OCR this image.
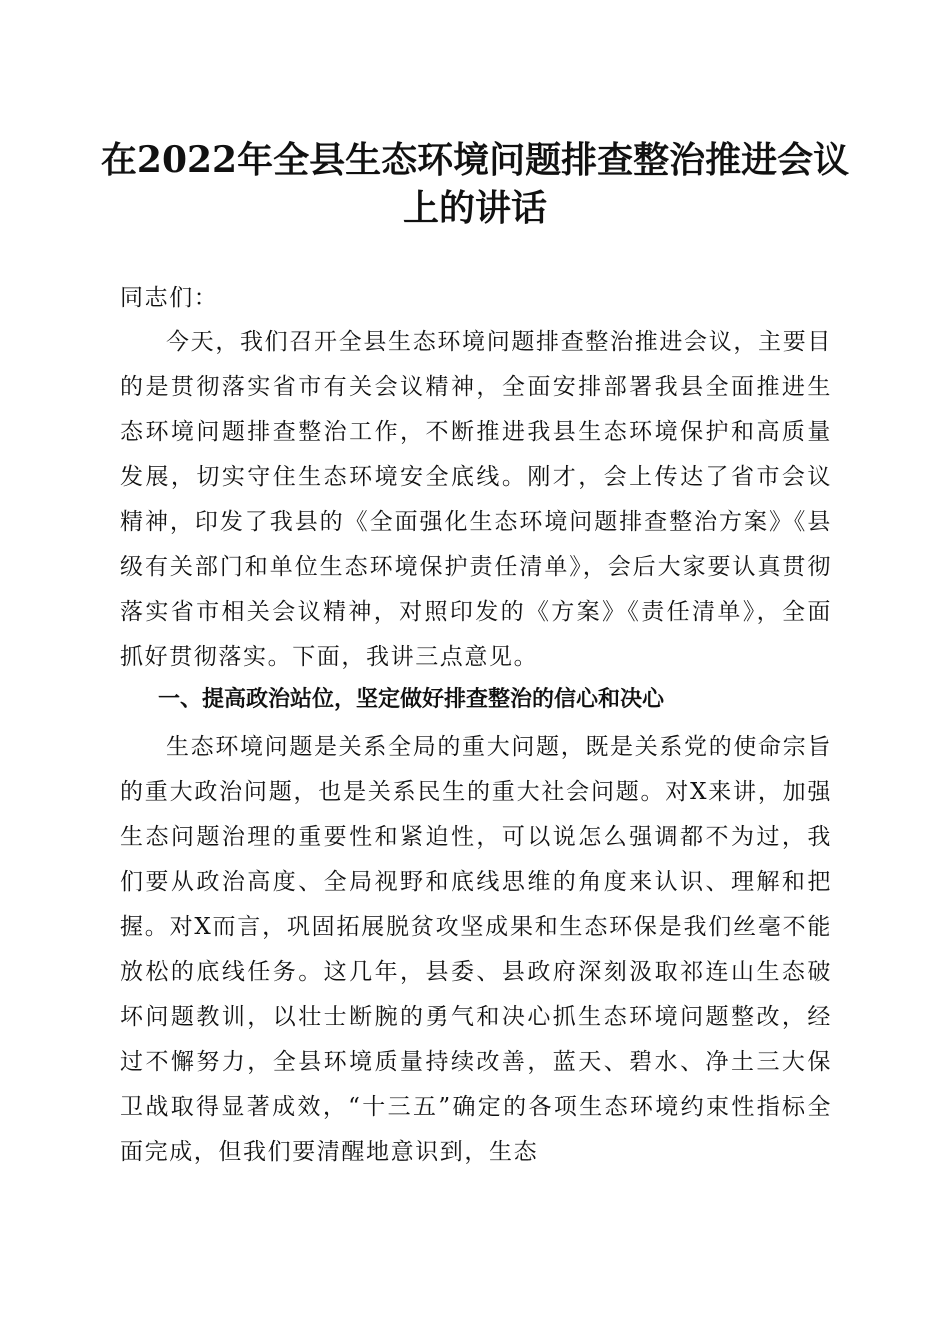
在2022年全县生态环境问题排查整治推进会议上的讲话

同志们：

今天，我们召开全县生态环境问题排查整治推进会议，主要目的是贯彻落实省市有关会议精神，全面安排部署我县全面推进生态环境问题排查整治工作，不断推进我县生态环境保护和高质量发展，切实守住生态环境安全底线。刚才，会上传达了省市会议精神，印发了我县的《全面强化生态环境问题排查整治方案》《县级有关部门和单位生态环境保护责任清单》，会后大家要认真贯彻落实省市相关会议精神，对照印发的《方案》《责任清单》，全面抓好贯彻落实。下面，我讲三点意见。

一、提高政治站位，坚定做好排查整治的信心和决心

生态环境问题是关系全局的重大问题，既是关系党的使命宗旨的重大政治问题，也是关系民生的重大社会问题。对X来讲，加强生态问题治理的重要性和紧迫性，可以说怎么强调都不为过，我们要从政治高度、全局视野和底线思维的角度来认识、理解和把握。对X而言，巩固拓展脱贫攻坚成果和生态环保是我们丝毫不能放松的底线任务。这几年，县委、县政府深刻汲取祁连山生态破坏问题教训，以壮士断腕的勇气和决心抓生态环境问题整改，经过不懈努力，全县环境质量持续改善，蓝天、碧水、净土三大保卫战取得显著成效，“十三五”确定的各项生态环境约束性指标全面完成，但我们要清醒地意识到，生态
